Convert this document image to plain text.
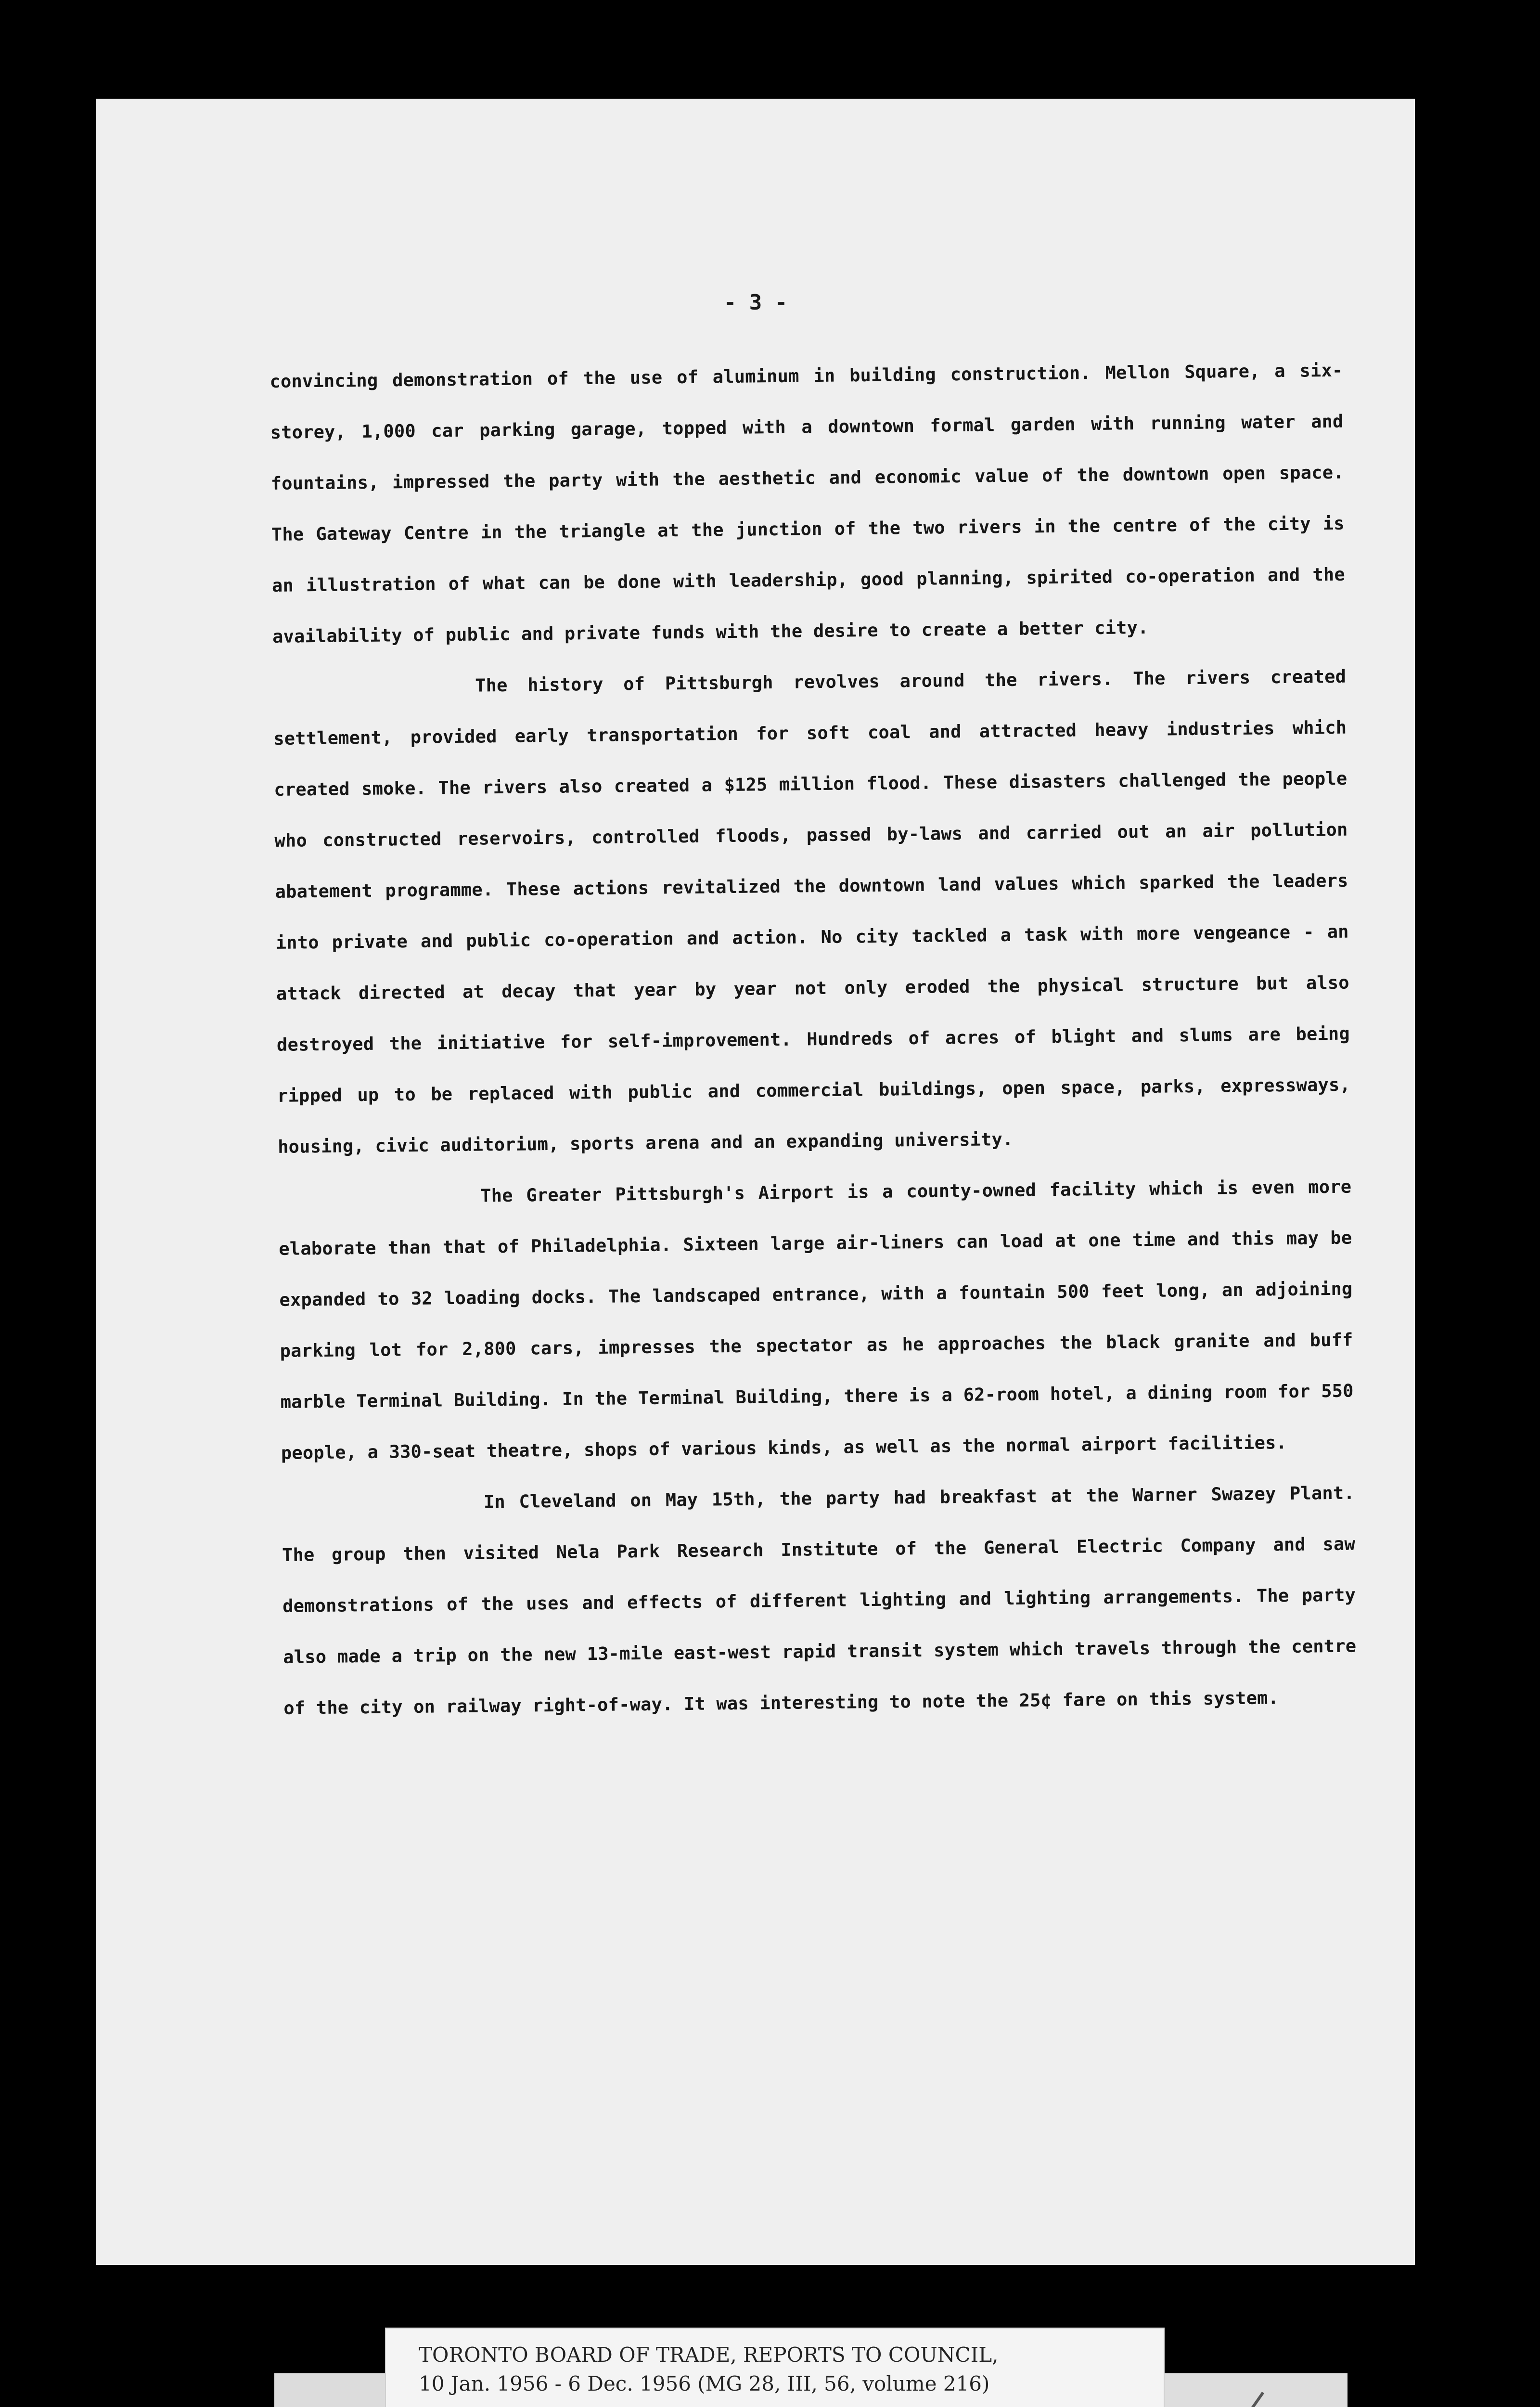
- 3 -

convincing demonstration of the use of aluminum in building construction. Mellon Square, a six-storey, 1,000 car parking garage, topped with a downtown formal garden with running water and fountains, impressed the party with the aesthetic and economic value of the downtown open space. The Gateway Centre in the triangle at the junction of the two rivers in the centre of the city is an illustration of what can be done with leadership, good planning, spirited co-operation and the availability of public and private funds with the desire to create a better city.

The history of Pittsburgh revolves around the rivers. The rivers created settlement, provided early transportation for soft coal and attracted heavy industries which created smoke. The rivers also created a $125 million flood. These disasters challenged the people who constructed reservoirs, controlled floods, passed by-laws and carried out an air pollution abatement programme. These actions revitalized the downtown land values which sparked the leaders into private and public co-operation and action. No city tackled a task with more vengeance - an attack directed at decay that year by year not only eroded the physical structure but also destroyed the initiative for self-improvement. Hundreds of acres of blight and slums are being ripped up to be replaced with public and commercial buildings, open space, parks, expressways, housing, civic auditorium, sports arena and an expanding university.

The Greater Pittsburgh's Airport is a county-owned facility which is even more elaborate than that of Philadelphia. Sixteen large air-liners can load at one time and this may be expanded to 32 loading docks. The landscaped entrance, with a fountain 500 feet long, an adjoining parking lot for 2,800 cars, impresses the spectator as he approaches the black granite and buff marble Terminal Building. In the Terminal Building, there is a 62-room hotel, a dining room for 550 people, a 330-seat theatre, shops of various kinds, as well as the normal airport facilities.

In Cleveland on May 15th, the party had breakfast at the Warner Swazey Plant. The group then visited Nela Park Research Institute of the General Electric Company and saw demonstrations of the uses and effects of different lighting and lighting arrangements. The party also made a trip on the new 13-mile east-west rapid transit system which travels through the centre of the city on railway right-of-way. It was interesting to note the 25¢ fare on this system.

TORONTO BOARD OF TRADE, REPORTS TO COUNCIL,
10 Jan. 1956 - 6 Dec. 1956 (MG 28, III, 56, volume 216)
